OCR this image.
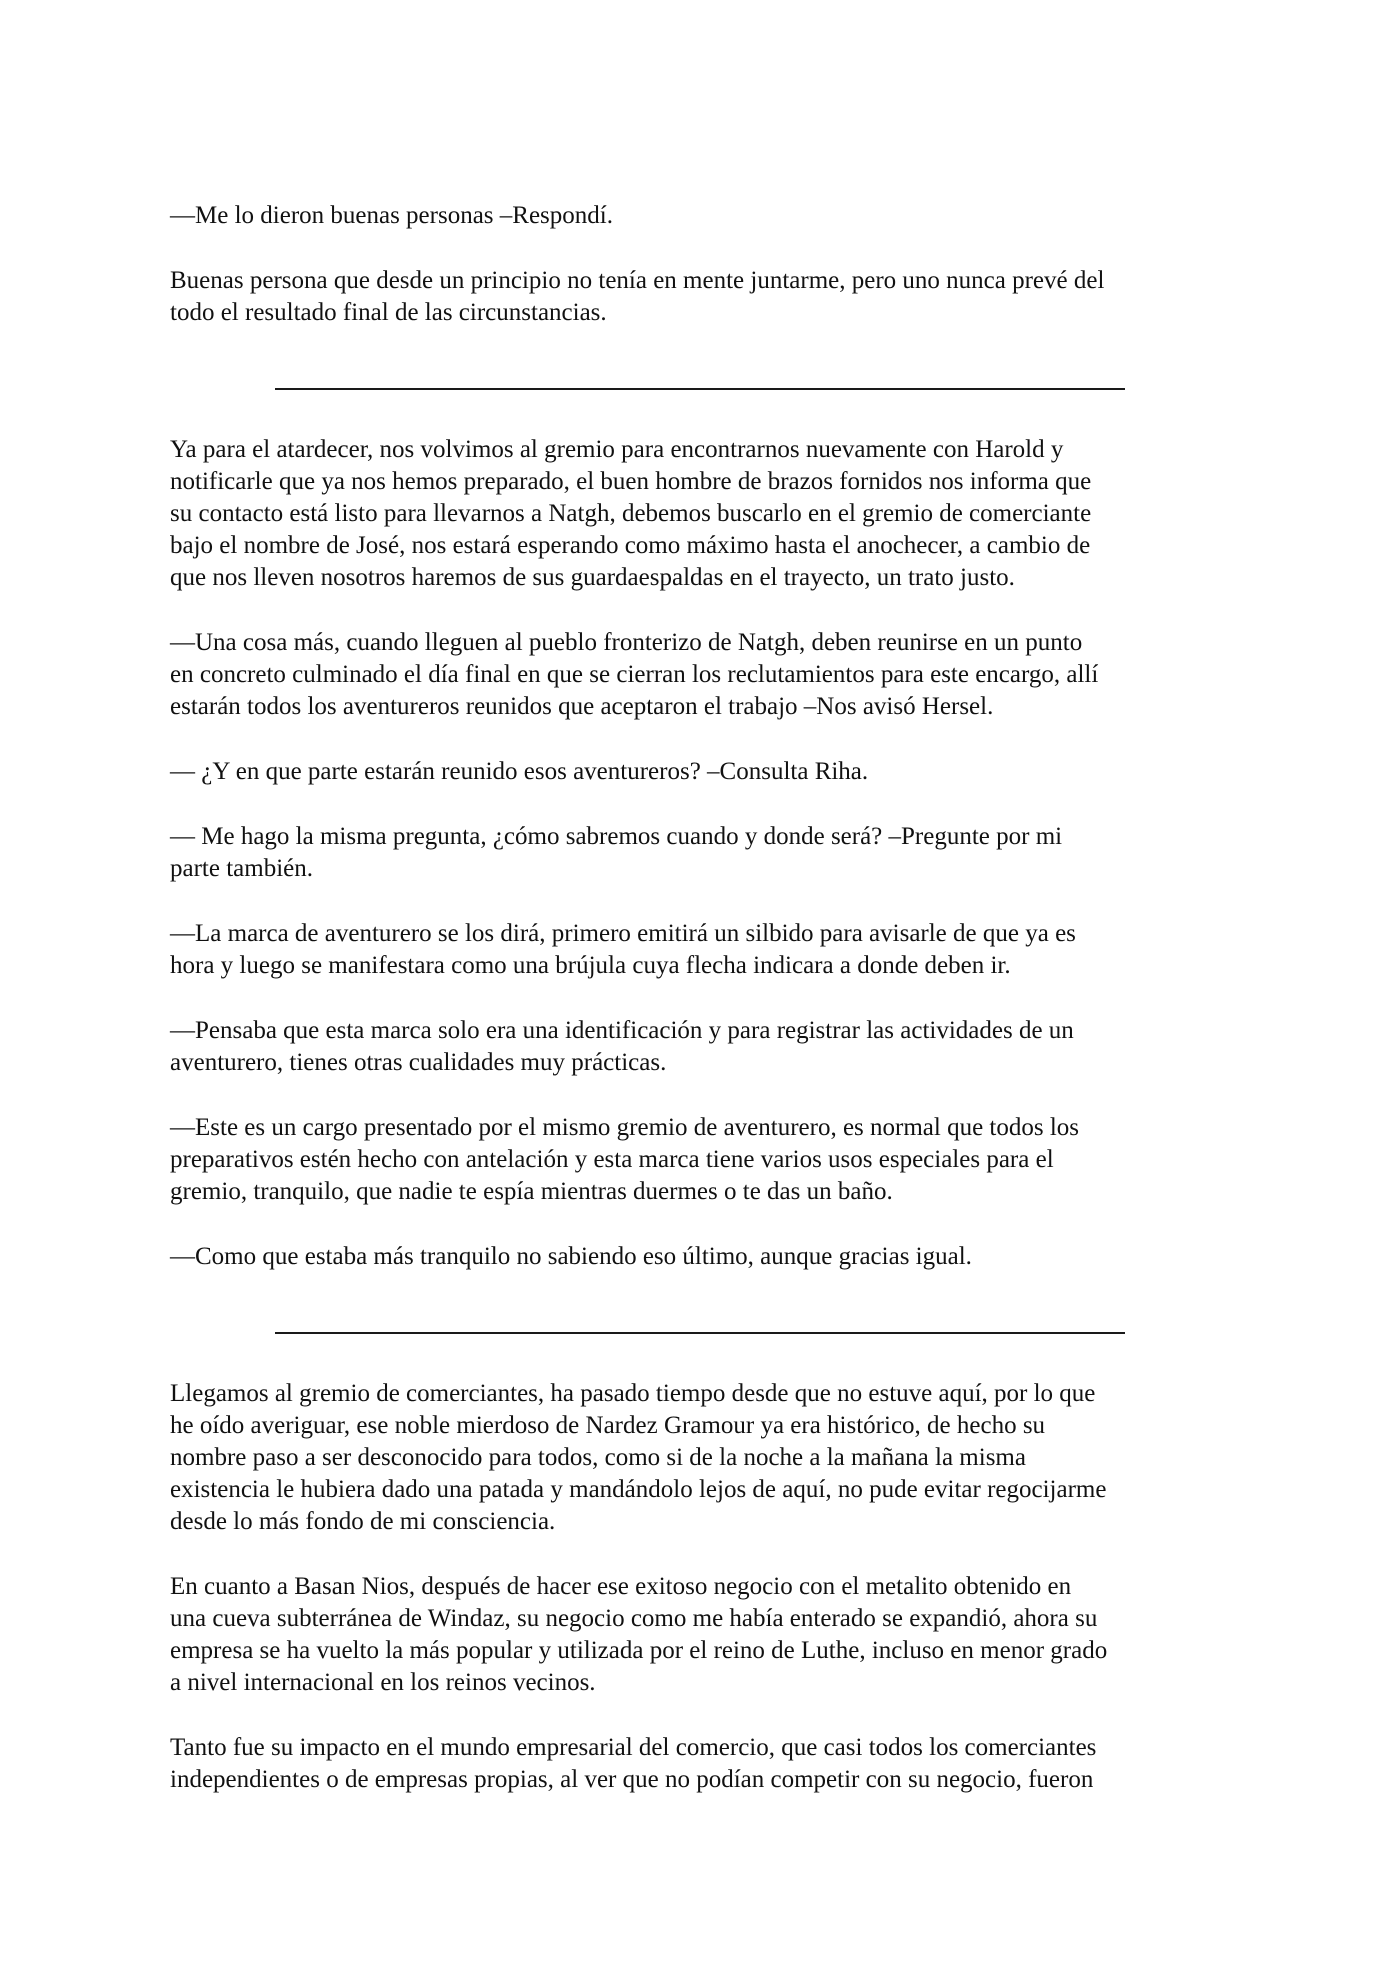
—Me lo dieron buenas personas –Respondí.
Buenas persona que desde un principio no tenía en mente juntarme, pero uno nunca prevé del
todo el resultado final de las circunstancias.
Ya para el atardecer, nos volvimos al gremio para encontrarnos nuevamente con Harold y
notificarle que ya nos hemos preparado, el buen hombre de brazos fornidos nos informa que
su contacto está listo para llevarnos a Natgh, debemos buscarlo en el gremio de comerciante
bajo el nombre de José, nos estará esperando como máximo hasta el anochecer, a cambio de
que nos lleven nosotros haremos de sus guardaespaldas en el trayecto, un trato justo.
—Una cosa más, cuando lleguen al pueblo fronterizo de Natgh, deben reunirse en un punto
en concreto culminado el día final en que se cierran los reclutamientos para este encargo, allí
estarán todos los aventureros reunidos que aceptaron el trabajo –Nos avisó Hersel.
— ¿Y en que parte estarán reunido esos aventureros? –Consulta Riha.
— Me hago la misma pregunta, ¿cómo sabremos cuando y donde será? –Pregunte por mi
parte también.
—La marca de aventurero se los dirá, primero emitirá un silbido para avisarle de que ya es
hora y luego se manifestara como una brújula cuya flecha indicara a donde deben ir.
—Pensaba que esta marca solo era una identificación y para registrar las actividades de un
aventurero, tienes otras cualidades muy prácticas.
—Este es un cargo presentado por el mismo gremio de aventurero, es normal que todos los
preparativos estén hecho con antelación y esta marca tiene varios usos especiales para el
gremio, tranquilo, que nadie te espía mientras duermes o te das un baño.
—Como que estaba más tranquilo no sabiendo eso último, aunque gracias igual.
Llegamos al gremio de comerciantes, ha pasado tiempo desde que no estuve aquí, por lo que
he oído averiguar, ese noble mierdoso de Nardez Gramour ya era histórico, de hecho su
nombre paso a ser desconocido para todos, como si de la noche a la mañana la misma
existencia le hubiera dado una patada y mandándolo lejos de aquí, no pude evitar regocijarme
desde lo más fondo de mi consciencia.
En cuanto a Basan Nios, después de hacer ese exitoso negocio con el metalito obtenido en
una cueva subterránea de Windaz, su negocio como me había enterado se expandió, ahora su
empresa se ha vuelto la más popular y utilizada por el reino de Luthe, incluso en menor grado
a nivel internacional en los reinos vecinos.
Tanto fue su impacto en el mundo empresarial del comercio, que casi todos los comerciantes
independientes o de empresas propias, al ver que no podían competir con su negocio, fueron
